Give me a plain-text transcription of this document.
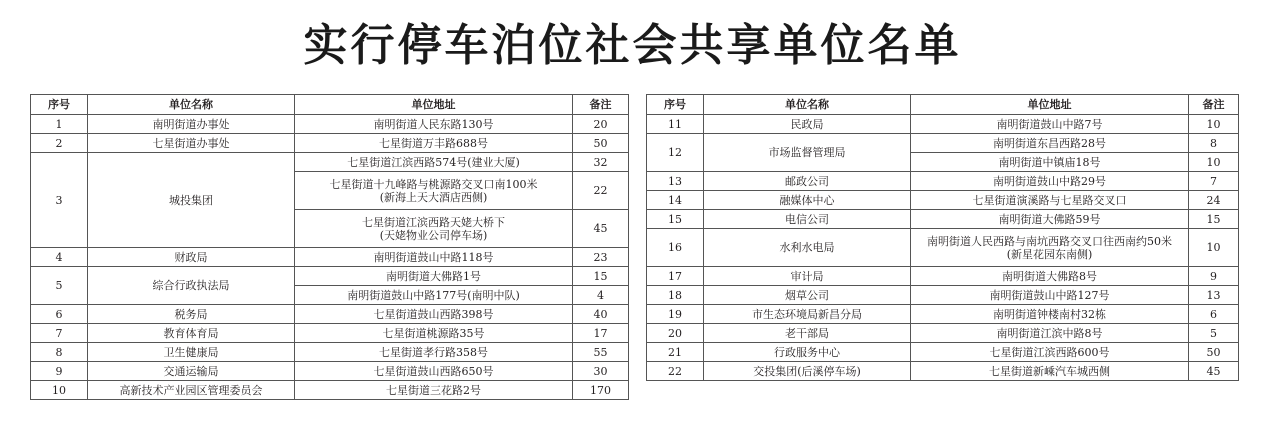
实行停车泊位社会共享单位名单
序号	单位名称	单位地址	备注
1	南明街道办事处	南明街道人民东路130号	20
2	七星街道办事处	七星街道万丰路688号	50
3	城投集团	七星街道江滨西路574号(建业大厦)	32

		七星街道十九峰路与桃源路交叉口南100米
(新海上天大酒店西侧)	22

		七星街道江滨西路天姥大桥下
(天姥物业公司停车场)	45
4	财政局	南明街道鼓山中路118号	23
5	综合行政执法局	南明街道大佛路1号	15

		南明街道鼓山中路177号(南明中队)	4
6	税务局	七星街道鼓山西路398号	40
7	教育体育局	七星街道桃源路35号	17
8	卫生健康局	七星街道孝行路358号	55
9	交通运输局	七星街道鼓山西路650号	30
10	高新技术产业园区管理委员会	七星街道三花路2号	170
序号	单位名称	单位地址	备注
11	民政局	南明街道鼓山中路7号	10
12	市场监督管理局	南明街道东昌西路28号	8

		南明街道中镇庙18号	10
13	邮政公司	南明街道鼓山中路29号	7
14	融媒体中心	七星街道演溪路与七星路交叉口	24
15	电信公司	南明街道大佛路59号	15
16	水利水电局	南明街道人民西路与南坑西路交叉口往西南约50米
(新星花园东南侧)	10
17	审计局	南明街道大佛路8号	9
18	烟草公司	南明街道鼓山中路127号	13
19	市生态环境局新昌分局	南明街道钟楼南村32栋	6
20	老干部局	南明街道江滨中路8号	5
21	行政服务中心	七星街道江滨西路600号	50
22	交投集团(后溪停车场)	七星街道新嵊汽车城西侧	45
